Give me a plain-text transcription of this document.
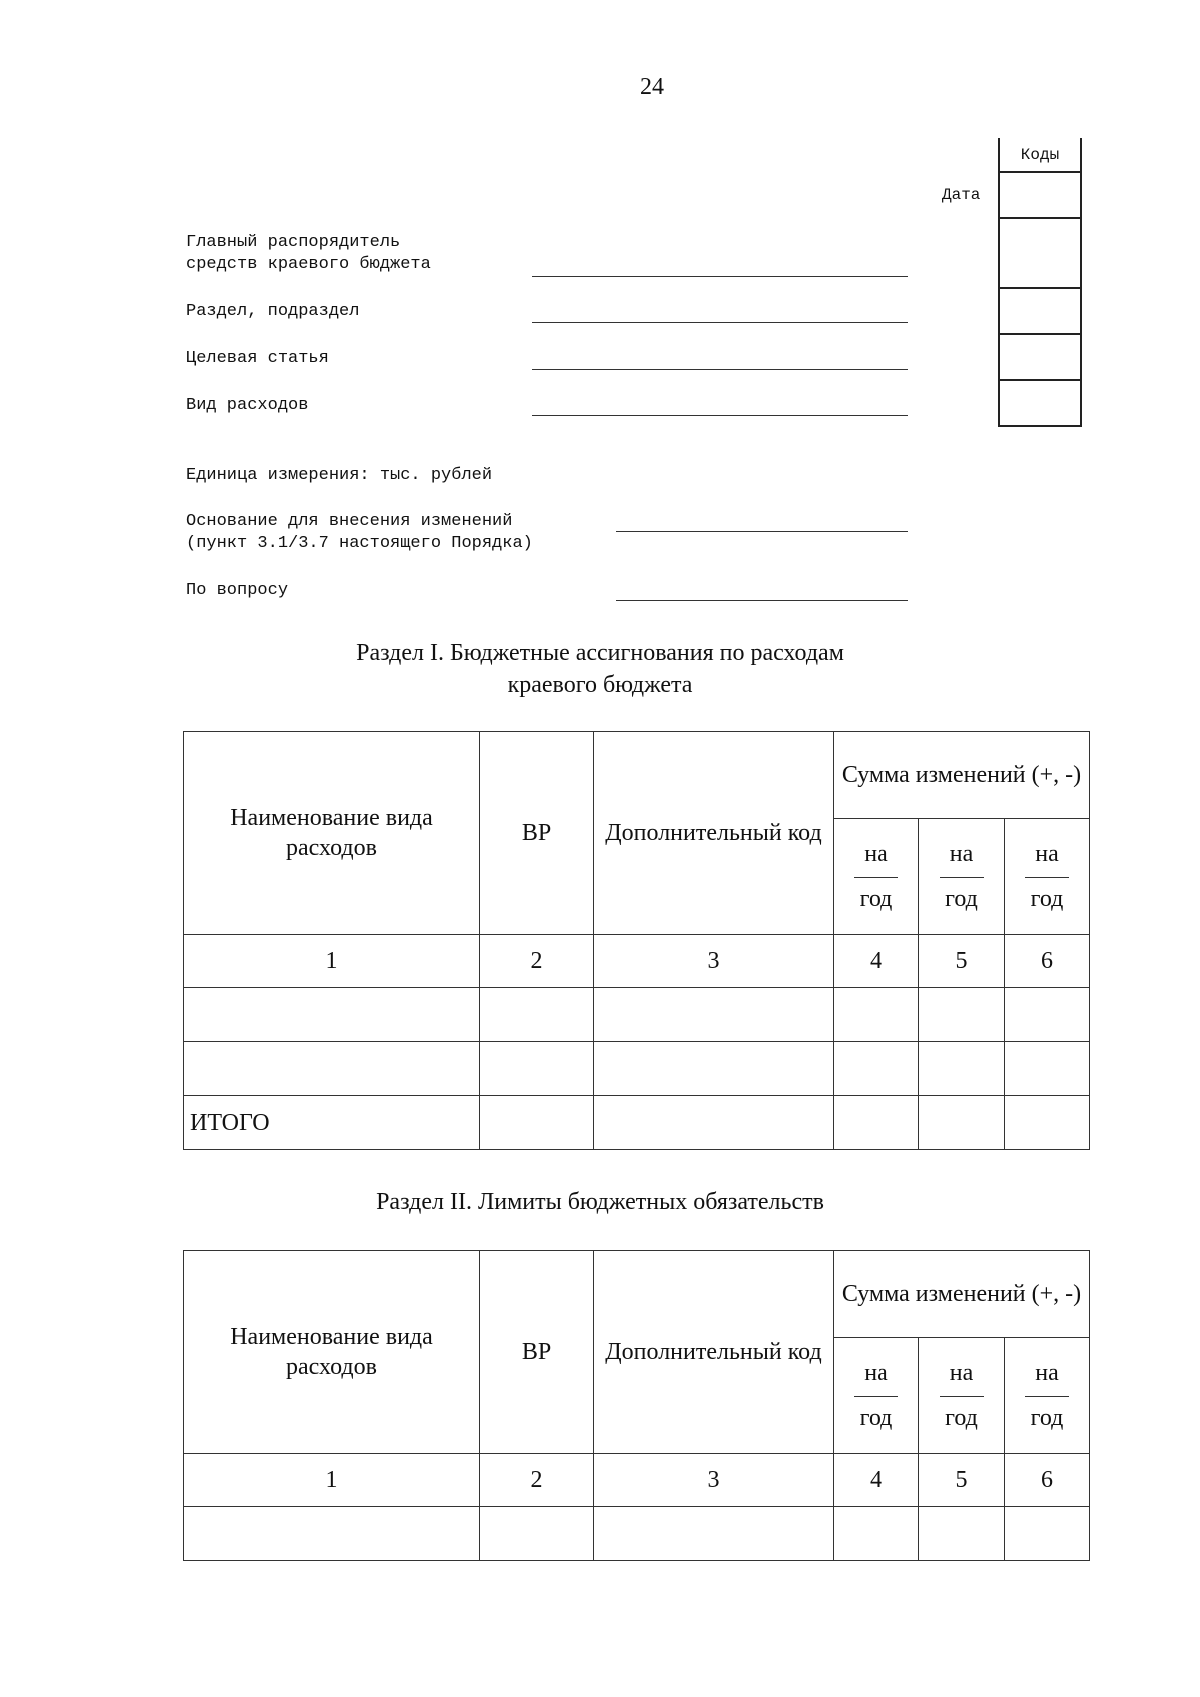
24
Коды
Дата
Главный распорядитель
средств краевого бюджета
Раздел, подраздел
Целевая статья
Вид расходов
Единица измерения: тыс. рублей
Основание для внесения изменений
(пункт 3.1/3.7 настоящего Порядка)
По вопросу
Раздел I. Бюджетные ассигнования по расходам
краевого бюджета
Наименование вида расходов	ВР	Дополнительный код	Сумма изменений (+, -)		

			$\frac{на}{\text{год}}$	$\frac{на}{\text{год}}$	$\frac{на}{\text{год}}$

1	2	3	4	5	6

ИТОГО					
Раздел II. Лимиты бюджетных обязательств
Наименование вида расходов	ВР	Дополнительный код	Сумма изменений (+, -)		

			$\frac{на}{\text{год}}$	$\frac{на}{\text{год}}$	$\frac{на}{\text{год}}$

1	2	3	4	5	6
